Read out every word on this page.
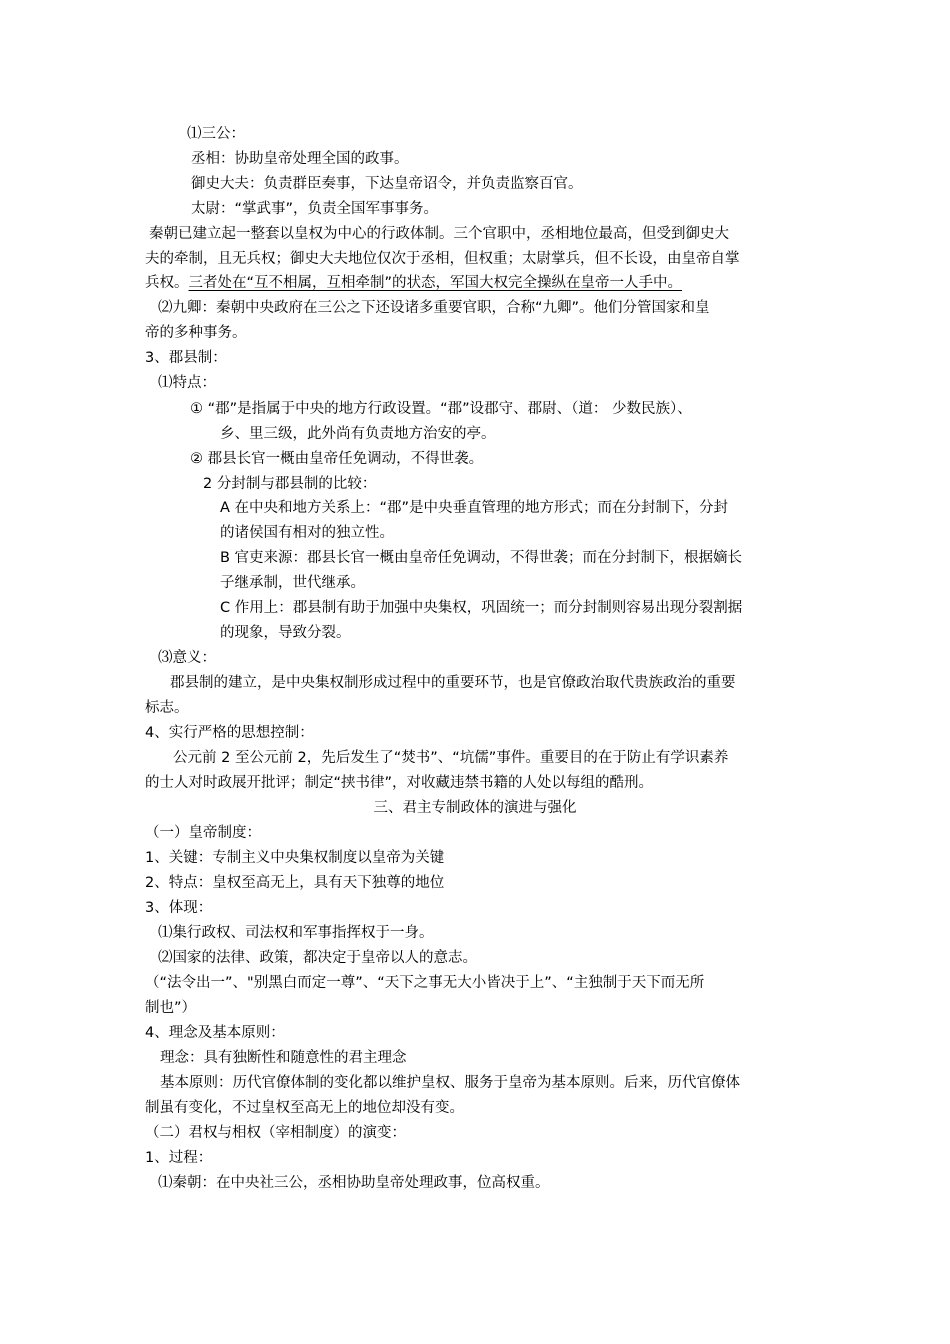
⑴三公：
丞相：协助皇帝处理全国的政事。
御史大夫：负责群臣奏事，下达皇帝诏令，并负责监察百官。
太尉：“掌武事”，负责全国军事事务。
秦朝已建立起一整套以皇权为中心的行政体制。三个官职中，丞相地位最高，但受到御史大
夫的牵制，且无兵权；御史大夫地位仅次于丞相，但权重；太尉掌兵，但不长设，由皇帝自掌
兵权。三者处在“互不相属，互相牵制”的状态，军国大权完全操纵在皇帝一人手中。
⑵九卿：秦朝中央政府在三公之下还设诸多重要官职，合称“九卿”。他们分管国家和皇
帝的多种事务。
3、郡县制：
⑴特点：
① “郡”是指属于中央的地方行政设置。“郡”设郡守、郡尉、（道： 少数民族）、
乡、里三级，此外尚有负责地方治安的亭。
② 郡县长官一概由皇帝任免调动，不得世袭。
2 分封制与郡县制的比较：
A 在中央和地方关系上：“郡”是中央垂直管理的地方形式；而在分封制下，分封
的诸侯国有相对的独立性。
B 官吏来源：郡县长官一概由皇帝任免调动，不得世袭；而在分封制下，根据嫡长
子继承制，世代继承。
C 作用上：郡县制有助于加强中央集权，巩固统一；而分封制则容易出现分裂割据
的现象，导致分裂。
⑶意义：
郡县制的建立，是中央集权制形成过程中的重要环节，也是官僚政治取代贵族政治的重要
标志。
4、实行严格的思想控制：
公元前 2 至公元前 2，先后发生了“焚书”、“坑儒”事件。重要目的在于防止有学识素养
的士人对时政展开批评；制定“挟书律”，对收藏违禁书籍的人处以每组的酷刑。
三、君主专制政体的演进与强化
（一）皇帝制度：
1、关键：专制主义中央集权制度以皇帝为关键
2、特点：皇权至高无上，具有天下独尊的地位
3、体现：
⑴集行政权、司法权和军事指挥权于一身。
⑵国家的法律、政策，都决定于皇帝以人的意志。
（“法令出一”、"别黑白而定一尊”、“天下之事无大小皆决于上”、“主独制于天下而无所
制也”）
4、理念及基本原则：
理念：具有独断性和随意性的君主理念
基本原则：历代官僚体制的变化都以维护皇权、服务于皇帝为基本原则。后来，历代官僚体
制虽有变化，不过皇权至高无上的地位却没有变。
（二）君权与相权（宰相制度）的演变：
1、过程：
⑴秦朝：在中央社三公，丞相协助皇帝处理政事，位高权重。
